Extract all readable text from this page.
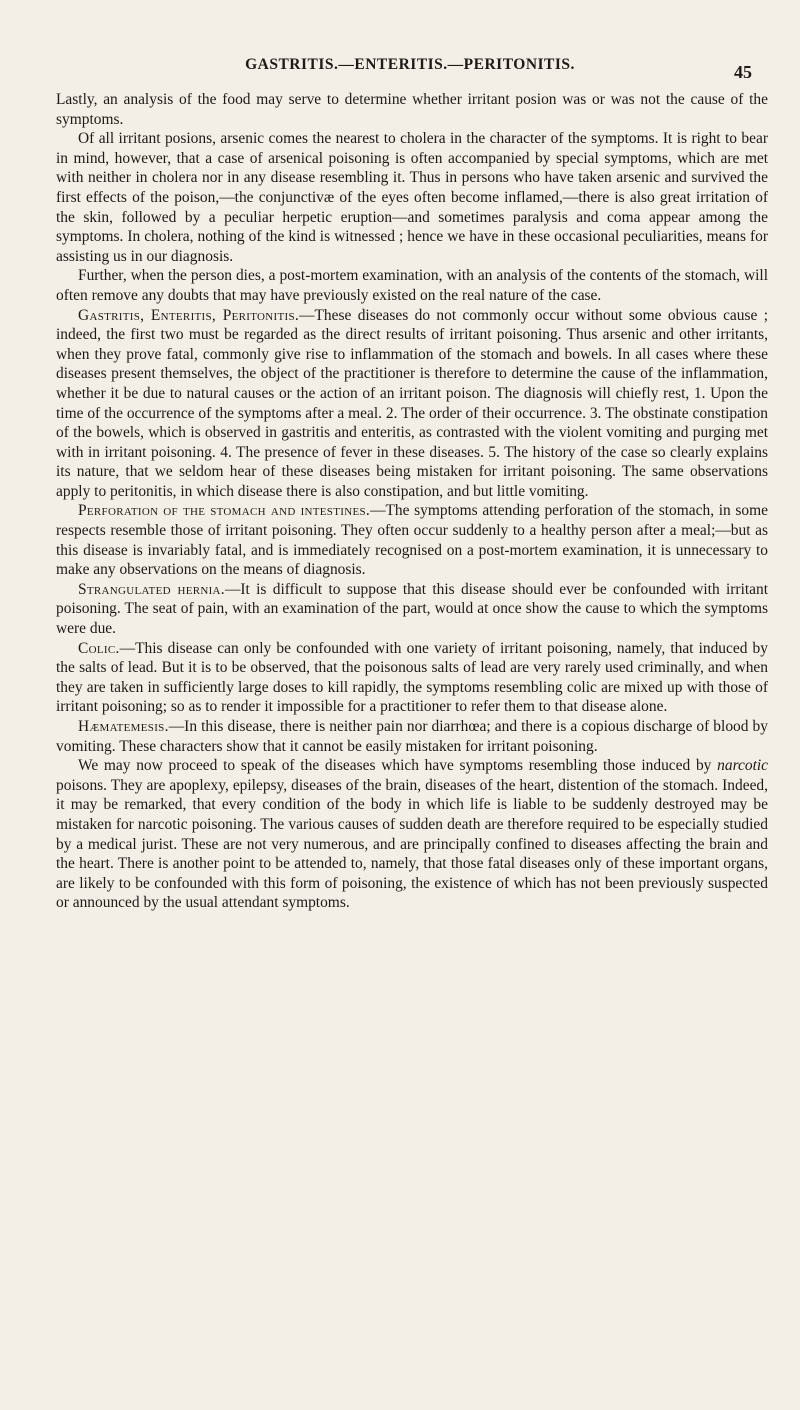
GASTRITIS.—ENTERITIS.—PERITONITIS.	45

Lastly, an analysis of the food may serve to determine whether irritant posion was or was not the cause of the symptoms.

Of all irritant posions, arsenic comes the nearest to cholera in the character of the symptoms. It is right to bear in mind, however, that a case of arsenical poisoning is often accompanied by special symptoms, which are met with neither in cholera nor in any disease resembling it. Thus in persons who have taken arsenic and survived the first effects of the poison,—the conjunctivæ of the eyes often become inflamed,—there is also great irritation of the skin, followed by a peculiar herpetic eruption—and sometimes paralysis and coma appear among the symptoms. In cholera, nothing of the kind is witnessed ; hence we have in these occasional peculiarities, means for assisting us in our diagnosis.

Further, when the person dies, a post-mortem examination, with an analysis of the contents of the stomach, will often remove any doubts that may have previously existed on the real nature of the case.

Gastritis, Enteritis, Peritonitis.—These diseases do not commonly occur without some obvious cause ; indeed, the first two must be regarded as the direct results of irritant poisoning. Thus arsenic and other irritants, when they prove fatal, commonly give rise to inflammation of the stomach and bowels. In all cases where these diseases present themselves, the object of the practitioner is therefore to determine the cause of the inflammation, whether it be due to natural causes or the action of an irritant poison. The diagnosis will chiefly rest, 1. Upon the time of the occurrence of the symptoms after a meal. 2. The order of their occurrence. 3. The obstinate constipation of the bowels, which is observed in gastritis and enteritis, as contrasted with the violent vomiting and purging met with in irritant poisoning. 4. The presence of fever in these diseases. 5. The history of the case so clearly explains its nature, that we seldom hear of these diseases being mistaken for irritant poisoning. The same observations apply to peritonitis, in which disease there is also constipation, and but little vomiting.

Perforation of the stomach and intestines.—The symptoms attending perforation of the stomach, in some respects resemble those of irritant poisoning. They often occur suddenly to a healthy person after a meal;—but as this disease is invariably fatal, and is immediately recognised on a post-mortem examination, it is unnecessary to make any observations on the means of diagnosis.

Strangulated hernia.—It is difficult to suppose that this disease should ever be confounded with irritant poisoning. The seat of pain, with an examination of the part, would at once show the cause to which the symptoms were due.

Colic.—This disease can only be confounded with one variety of irritant poisoning, namely, that induced by the salts of lead. But it is to be observed, that the poisonous salts of lead are very rarely used criminally, and when they are taken in sufficiently large doses to kill rapidly, the symptoms resembling colic are mixed up with those of irritant poisoning; so as to render it impossible for a practitioner to refer them to that disease alone.

Hæmatemesis.—In this disease, there is neither pain nor diarrhœa; and there is a copious discharge of blood by vomiting. These characters show that it cannot be easily mistaken for irritant poisoning.

We may now proceed to speak of the diseases which have symptoms resembling those induced by narcotic poisons. They are apoplexy, epilepsy, diseases of the brain, diseases of the heart, distention of the stomach. Indeed, it may be remarked, that every condition of the body in which life is liable to be suddenly destroyed may be mistaken for narcotic poisoning. The various causes of sudden death are therefore required to be especially studied by a medical jurist. These are not very numerous, and are principally confined to diseases affecting the brain and the heart. There is another point to be attended to, namely, that those fatal diseases only of these important organs, are likely to be confounded with this form of poisoning, the existence of which has not been previously suspected or announced by the usual attendant symptoms.
